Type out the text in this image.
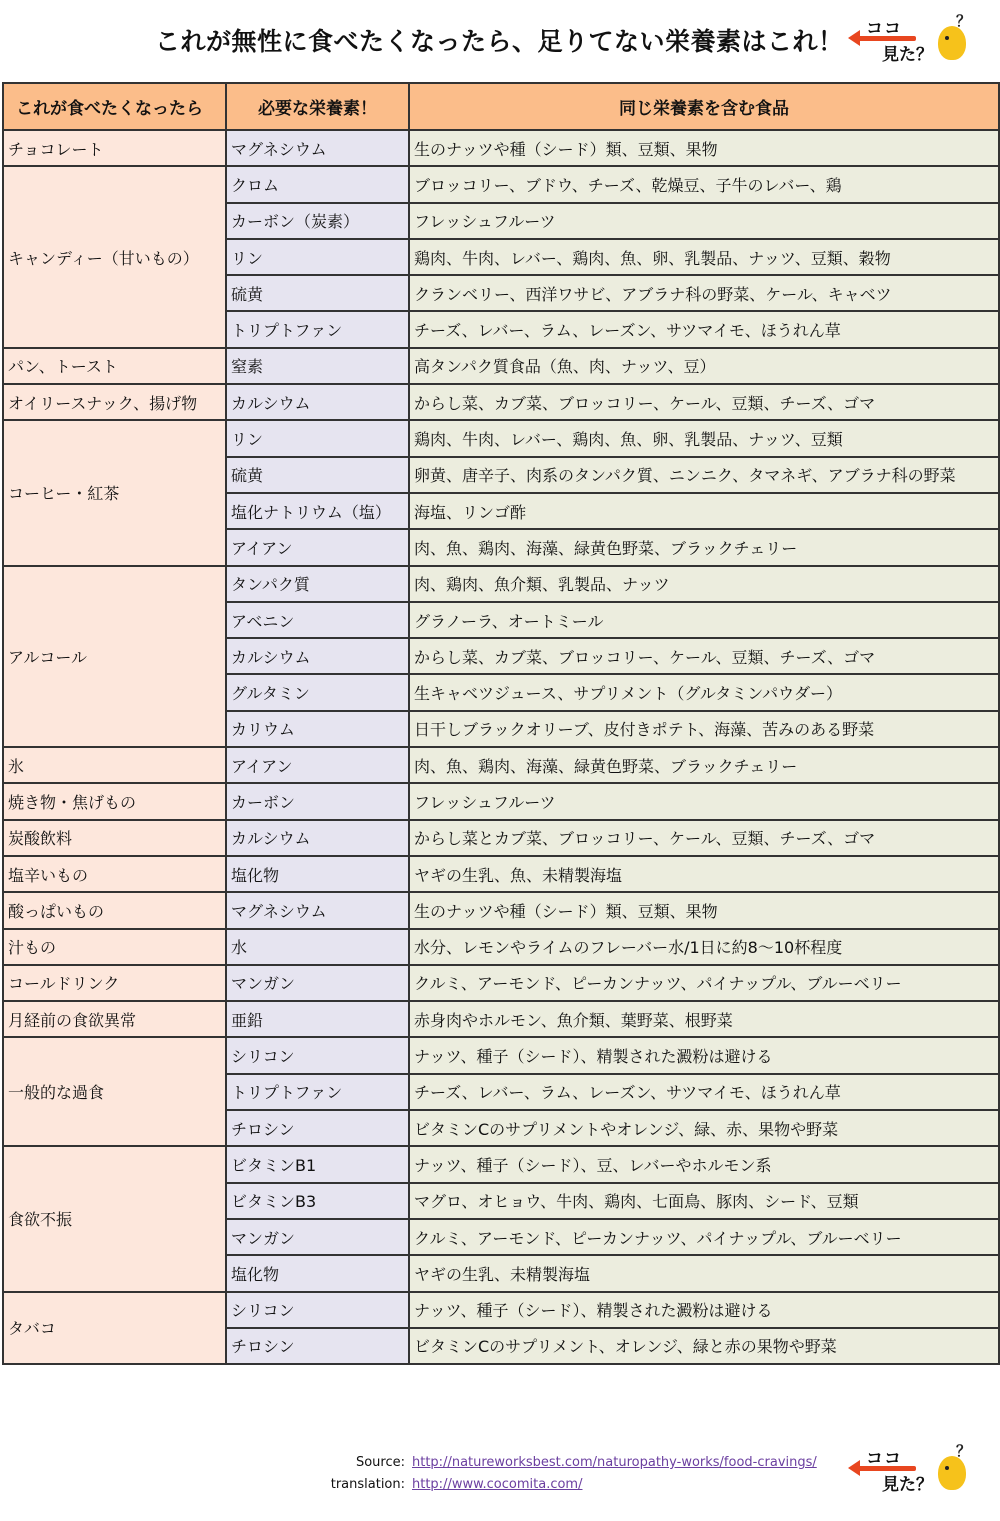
これが無性に食べたくなったら、足りてない栄養素はこれ！ ココ
見た？
？
これが食べたくなったら	必要な栄養素！	同じ栄養素を含む食品
チョコレート	マグネシウム	生のナッツや種（シード）類、豆類、果物
キャンディー（甘いもの）	クロム	ブロッコリー、ブドウ、チーズ、乾燥豆、子牛のレバー、鶏
	カーボン（炭素）	フレッシュフルーツ
	リン	鶏肉、牛肉、レバー、鶏肉、魚、卵、乳製品、ナッツ、豆類、穀物
	硫黄	クランベリー、西洋ワサビ、アブラナ科の野菜、ケール、キャベツ
	トリプトファン	チーズ、レバー、ラム、レーズン、サツマイモ、ほうれん草
パン、トースト	窒素	高タンパク質食品（魚、肉、ナッツ、豆）
オイリースナック、揚げ物	カルシウム	からし菜、カブ菜、ブロッコリー、ケール、豆類、チーズ、ゴマ
コーヒー・紅茶	リン	鶏肉、牛肉、レバー、鶏肉、魚、卵、乳製品、ナッツ、豆類
	硫黄	卵黄、唐辛子、肉系のタンパク質、ニンニク、タマネギ、アブラナ科の野菜
	塩化ナトリウム（塩）	海塩、リンゴ酢
	アイアン	肉、魚、鶏肉、海藻、緑黄色野菜、ブラックチェリー
アルコール	タンパク質	肉、鶏肉、魚介類、乳製品、ナッツ
	アベニン	グラノーラ、オートミール
	カルシウム	からし菜、カブ菜、ブロッコリー、ケール、豆類、チーズ、ゴマ
	グルタミン	生キャベツジュース、サプリメント（グルタミンパウダー）
	カリウム	日干しブラックオリーブ、皮付きポテト、海藻、苦みのある野菜
氷	アイアン	肉、魚、鶏肉、海藻、緑黄色野菜、ブラックチェリー
焼き物・焦げもの	カーボン	フレッシュフルーツ
炭酸飲料	カルシウム	からし菜とカブ菜、ブロッコリー、ケール、豆類、チーズ、ゴマ
塩辛いもの	塩化物	ヤギの生乳、魚、未精製海塩
酸っぱいもの	マグネシウム	生のナッツや種（シード）類、豆類、果物
汁もの	水	水分、レモンやライムのフレーバー水/1日に約8〜10杯程度
コールドリンク	マンガン	クルミ、アーモンド、ピーカンナッツ、パイナップル、ブルーベリー
月経前の食欲異常	亜鉛	赤身肉やホルモン、魚介類、葉野菜、根野菜
一般的な過食	シリコン	ナッツ、種子（シード）、精製された澱粉は避ける
	トリプトファン	チーズ、レバー、ラム、レーズン、サツマイモ、ほうれん草
	チロシン	ビタミンCのサプリメントやオレンジ、緑、赤、果物や野菜
食欲不振	ビタミンB1	ナッツ、種子（シード）、豆、レバーやホルモン系
	ビタミンB3	マグロ、オヒョウ、牛肉、鶏肉、七面鳥、豚肉、シード、豆類
	マンガン	クルミ、アーモンド、ピーカンナッツ、パイナップル、ブルーベリー
	塩化物	ヤギの生乳、未精製海塩
タバコ	シリコン	ナッツ、種子（シード）、精製された澱粉は避ける
	チロシン	ビタミンCのサプリメント、オレンジ、緑と赤の果物や野菜
Source: http://natureworksbest.com/naturopathy-works/food-cravings/
translation: http://www.cocomita.com/
ココ
見た？
？
